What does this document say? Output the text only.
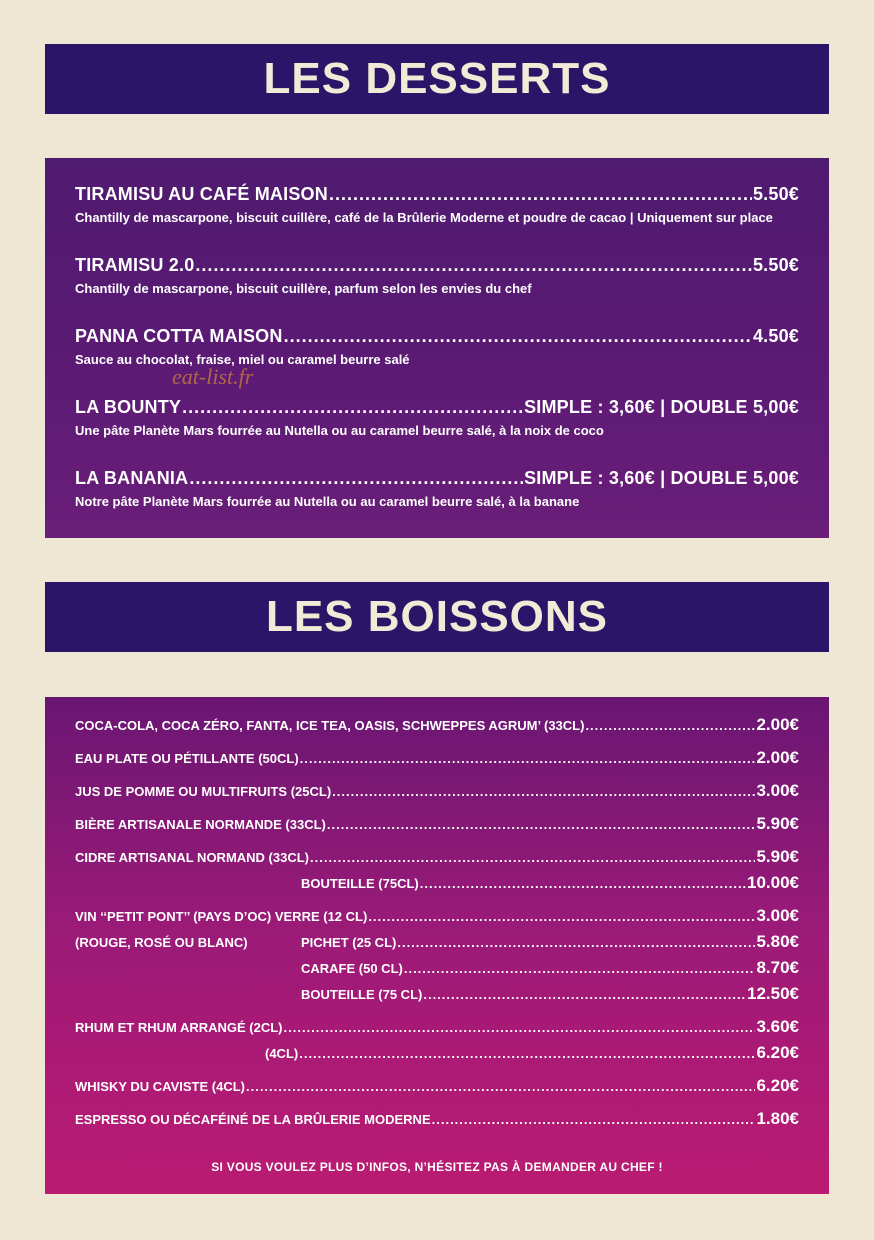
LES DESSERTS
TIRAMISU AU CAFÉ MAISON .....	5.50€
Chantilly de mascarpone, biscuit cuillère, café de la Brûlerie Moderne et poudre de cacao | Uniquement sur place
TIRAMISU 2.0 .....	5.50€
Chantilly de mascarpone, biscuit cuillère, parfum selon les envies du chef
PANNA COTTA MAISON .....	4.50€
Sauce au chocolat, fraise, miel ou caramel beurre salé
LA BOUNTY .....	SIMPLE : 3,60€ | DOUBLE 5,00€
Une pâte Planète Mars fourrée au Nutella ou au caramel beurre salé, à la noix de coco
LA BANANIA .....	SIMPLE : 3,60€ | DOUBLE 5,00€
Notre pâte Planète Mars fourrée au Nutella ou au caramel beurre salé, à la banane
eat-list.fr
LES BOISSONS
COCA-COLA, COCA ZÉRO, FANTA, ICE TEA, OASIS, SCHWEPPES AGRUM’ (33CL) .....	2.00€
EAU PLATE OU PÉTILLANTE (50CL) .....	2.00€
JUS DE POMME OU MULTIFRUITS (25CL) .....	3.00€
BIÈRE ARTISANALE NORMANDE (33CL) .....	5.90€
CIDRE ARTISANAL NORMAND (33CL) .....	5.90€
BOUTEILLE (75CL) .....	10.00€
VIN ‘‘PETIT PONT’’ (PAYS D’OC) VERRE (12 CL) .....	3.00€
(ROUGE, ROSÉ OU BLANC)	PICHET (25 CL) .....	5.80€
CARAFE (50 CL) .....	8.70€
BOUTEILLE (75 CL) .....	12.50€
RHUM ET RHUM ARRANGÉ (2CL) .....	3.60€
(4CL) .....	6.20€
WHISKY DU CAVISTE (4CL) .....	6.20€
ESPRESSO OU DÉCAFÉINÉ DE LA BRÛLERIE MODERNE .....	1.80€
SI VOUS VOULEZ PLUS D’INFOS, N’HÉSITEZ PAS À DEMANDER AU CHEF !
